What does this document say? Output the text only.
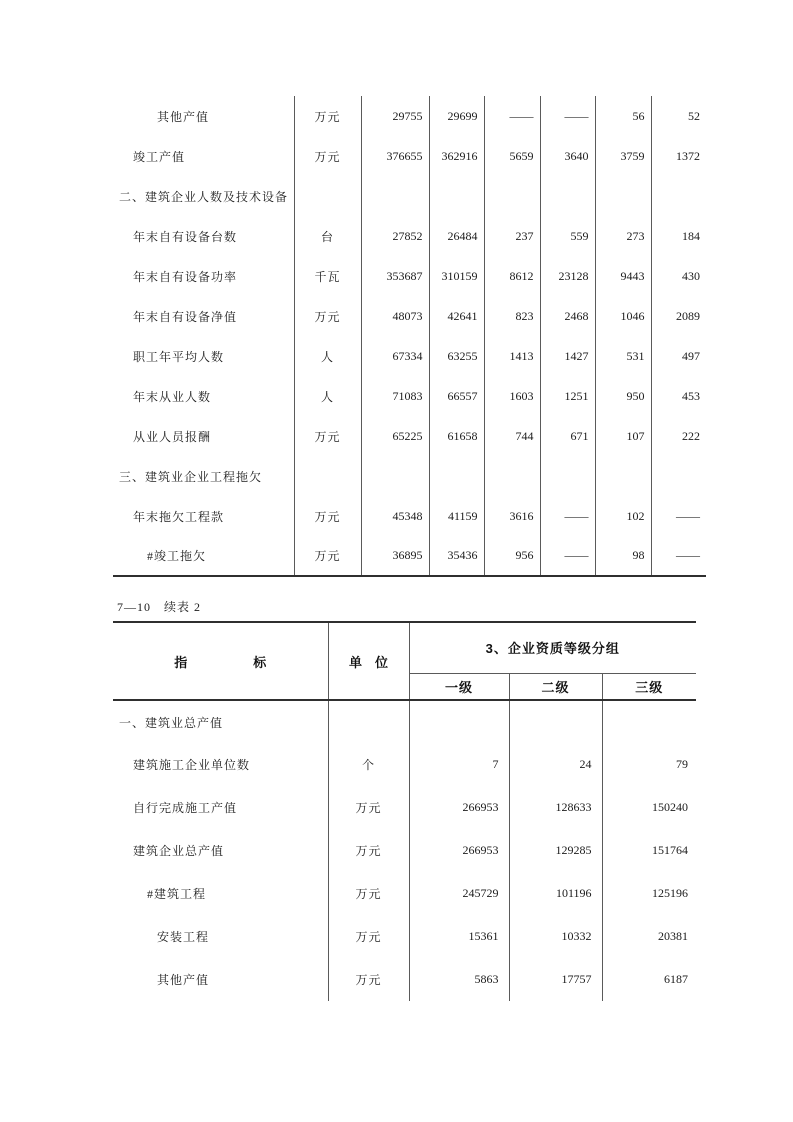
其他产值	万元	29755	29699	——	——	56	52
竣工产值	万元	376655	362916	5659	3640	3759	1372
二、建筑企业人数及技术设备							
年末自有设备台数	台	27852	26484	237	559	273	184
年末自有设备功率	千瓦	353687	310159	8612	23128	9443	430
年末自有设备净值	万元	48073	42641	823	2468	1046	2089
职工年平均人数	人	67334	63255	1413	1427	531	497
年末从业人数	人	71083	66557	1603	1251	950	453
从业人员报酬	万元	65225	61658	744	671	107	222
三、建筑业企业工程拖欠							
年末拖欠工程款	万元	45348	41159	3616	——	102	——
#竣工拖欠	万元	36895	35436	956	——	98	——
7—10　续表 2
指 标	单 位	3、企业资质等级分组		
		一级	二级	三级
一、建筑业总产值				
建筑施工企业单位数	个	7	24	79
自行完成施工产值	万元	266953	128633	150240
建筑企业总产值	万元	266953	129285	151764
#建筑工程	万元	245729	101196	125196
安装工程	万元	15361	10332	20381
其他产值	万元	5863	17757	6187
